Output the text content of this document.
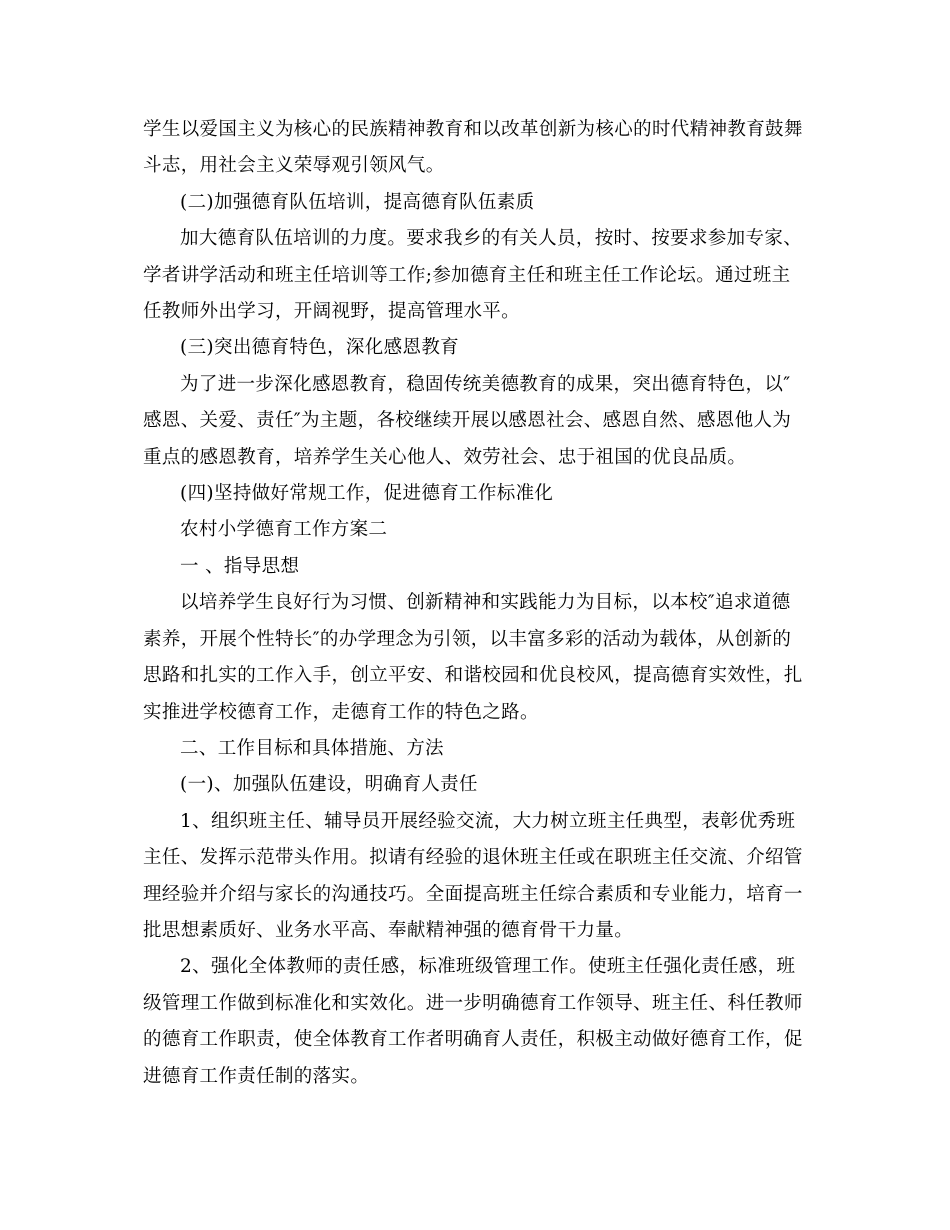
学生以爱国主义为核心的民族精神教育和以改革创新为核心的时代精神教育鼓舞斗志，用社会主义荣辱观引领风气。

(二)加强德育队伍培训，提高德育队伍素质

加大德育队伍培训的力度。要求我乡的有关人员，按时、按要求参加专家、学者讲学活动和班主任培训等工作;参加德育主任和班主任工作论坛。通过班主任教师外出学习，开阔视野，提高管理水平。

(三)突出德育特色，深化感恩教育

为了进一步深化感恩教育，稳固传统美德教育的成果，突出德育特色，以″感恩、关爱、责任″为主题，各校继续开展以感恩社会、感恩自然、感恩他人为重点的感恩教育，培养学生关心他人、效劳社会、忠于祖国的优良品质。

(四)坚持做好常规工作，促进德育工作标准化

农村小学德育工作方案二

一 、指导思想

以培养学生良好行为习惯、创新精神和实践能力为目标，以本校″追求道德素养，开展个性特长″的办学理念为引领，以丰富多彩的活动为载体，从创新的思路和扎实的工作入手，创立平安、和谐校园和优良校风，提高德育实效性，扎实推进学校德育工作，走德育工作的特色之路。

二、工作目标和具体措施、方法

(一)、加强队伍建设，明确育人责任

1、组织班主任、辅导员开展经验交流，大力树立班主任典型，表彰优秀班主任、发挥示范带头作用。拟请有经验的退休班主任或在职班主任交流、介绍管理经验并介绍与家长的沟通技巧。全面提高班主任综合素质和专业能力，培育一批思想素质好、业务水平高、奉献精神强的德育骨干力量。

2、强化全体教师的责任感，标准班级管理工作。使班主任强化责任感，班级管理工作做到标准化和实效化。进一步明确德育工作领导、班主任、科任教师的德育工作职责，使全体教育工作者明确育人责任，积极主动做好德育工作，促进德育工作责任制的落实。
